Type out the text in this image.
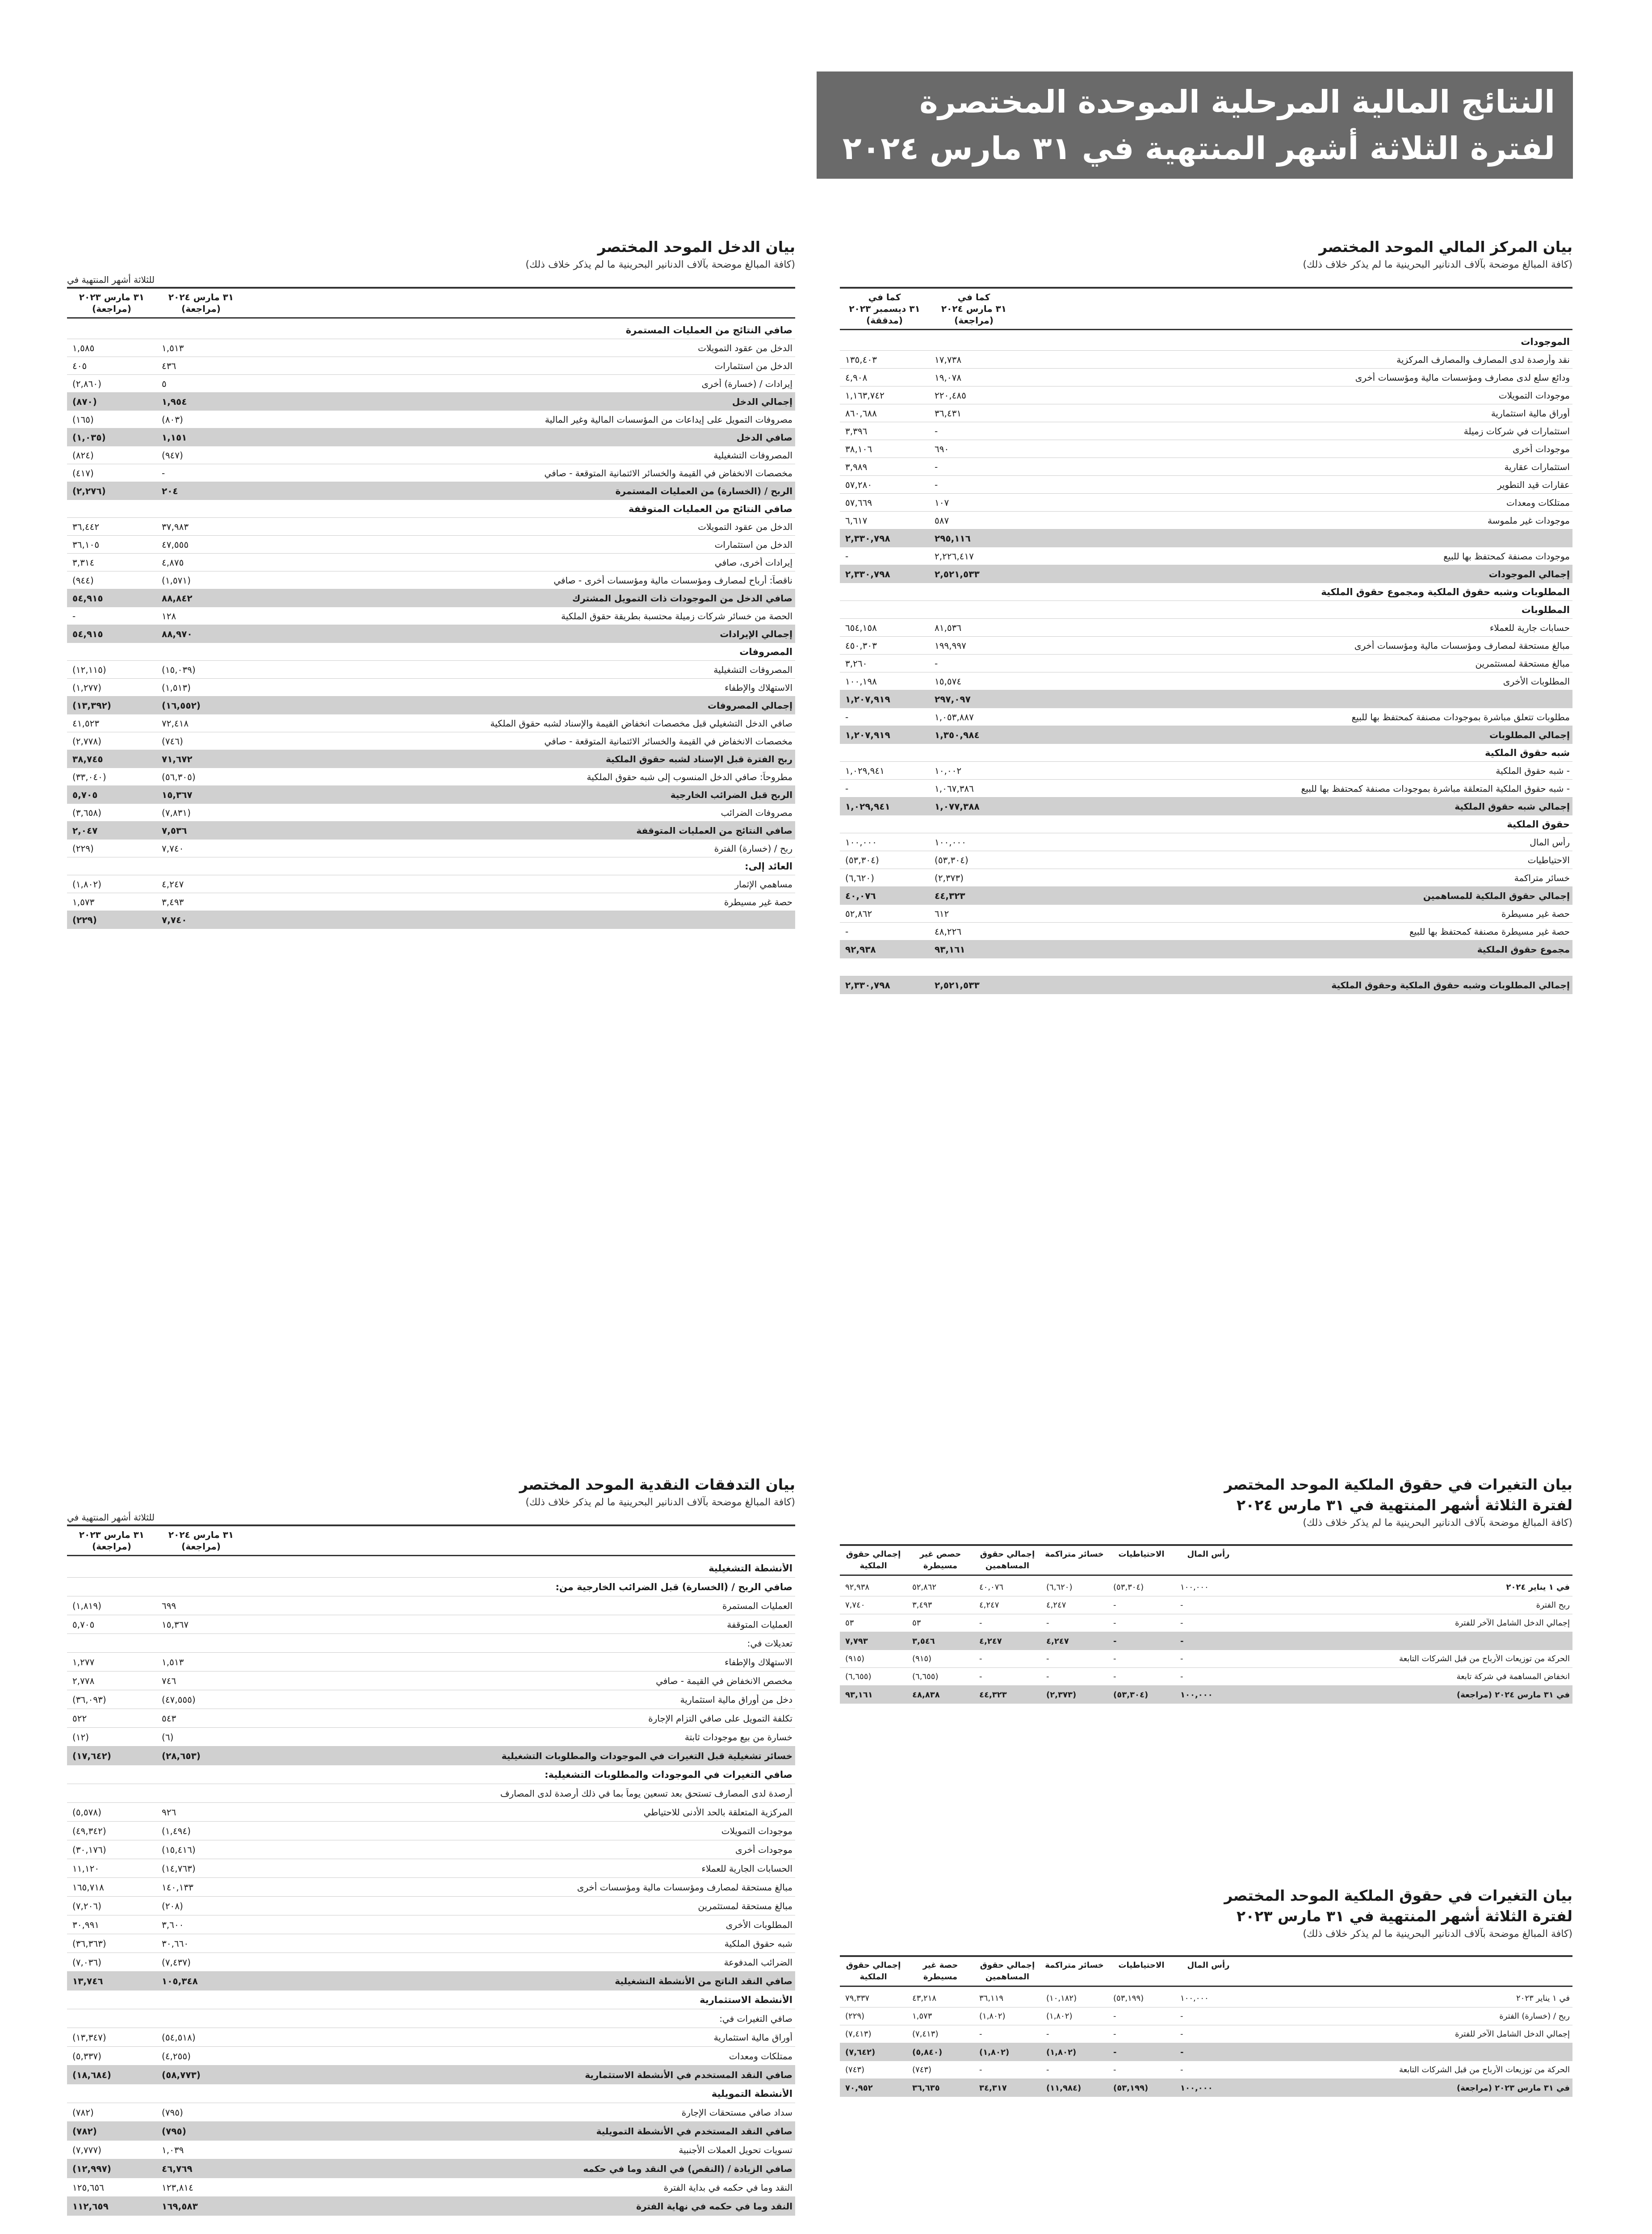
النتائج المالية المرحلية الموحدة المختصرة
لفترة الثلاثة أشهر المنتهية في ٣١ مارس ٢٠٢٤
بيان المركز المالي الموحد المختصر
(كافة المبالغ موضحة بآلاف الدنانير البحرينية ما لم يذكر خلاف ذلك)
كما في
٣١ مارس ٢٠٢٤
(مراجعة)
كما في
٣١ ديسمبر ٢٠٢٣
(مدققة)
الموجودات
نقد وأرصدة لدى المصارف والمصارف المركزية
١٧,٧٣٨
١٣٥,٤٠٣
ودائع سلع لدى مصارف ومؤسسات مالية ومؤسسات أخرى
١٩,٠٧٨
٤,٩٠٨
موجودات التمويلات
٢٢٠,٤٨٥
١,١٦٣,٧٤٢
أوراق مالية استثمارية
٣٦,٤٣١
٨٦٠,٦٨٨
استثمارات في شركات زميلة
-
٣,٣٩٦
موجودات أخرى
٦٩٠
٣٨,١٠٦
استثمارات عقارية
-
٣,٩٨٩
عقارات قيد التطوير
-
٥٧,٢٨٠
ممتلكات ومعدات
١٠٧
٥٧,٦٦٩
موجودات غير ملموسة
٥٨٧
٦,٦١٧
٢٩٥,١١٦
٢,٣٣٠,٧٩٨
موجودات مصنفة كمحتفظ بها للبيع
٢,٢٢٦,٤١٧
-
إجمالي الموجودات
٢,٥٢١,٥٣٣
٢,٣٣٠,٧٩٨
المطلوبات وشبه حقوق الملكية ومجموع حقوق الملكية
المطلوبات
حسابات جارية للعملاء
٨١,٥٣٦
٦٥٤,١٥٨
مبالغ مستحقة لمصارف ومؤسسات مالية ومؤسسات أخرى
١٩٩,٩٩٧
٤٥٠,٣٠٣
مبالغ مستحقة لمستثمرين
-
٣,٢٦٠
المطلوبات الأخرى
١٥,٥٧٤
١٠٠,١٩٨
٢٩٧,٠٩٧
١,٢٠٧,٩١٩
مطلوبات تتعلق مباشرة بموجودات مصنفة كمحتفظ بها للبيع
١,٠٥٣,٨٨٧
-
إجمالي المطلوبات
١,٣٥٠,٩٨٤
١,٢٠٧,٩١٩
شبه حقوق الملكية
- شبه حقوق الملكية
١٠,٠٠٢
١,٠٢٩,٩٤١
- شبه حقوق الملكية المتعلقة مباشرة بموجودات مصنفة كمحتفظ بها للبيع
١,٠٦٧,٣٨٦
-
إجمالي شبه حقوق الملكية
١,٠٧٧,٣٨٨
١,٠٢٩,٩٤١
حقوق الملكية
رأس المال
١٠٠,٠٠٠
١٠٠,٠٠٠
الاحتياطيات
(٥٣,٣٠٤)
(٥٣,٣٠٤)
خسائر متراكمة
(٢,٣٧٣)
(٦,٦٢٠)
إجمالي حقوق الملكية للمساهمين
٤٤,٣٢٣
٤٠,٠٧٦
حصة غير مسيطرة
٦١٢
٥٢,٨٦٢
حصة غير مسيطرة مصنفة كمحتفظ بها للبيع
٤٨,٢٢٦
-
مجموع حقوق الملكية
٩٣,١٦١
٩٢,٩٣٨
إجمالي المطلوبات وشبه حقوق الملكية وحقوق الملكية
٢,٥٢١,٥٣٣
٢,٣٣٠,٧٩٨
بيان الدخل الموحد المختصر
(كافة المبالغ موضحة بآلاف الدنانير البحرينية ما لم يذكر خلاف ذلك)
للثلاثة أشهر المنتهية في
٣١ مارس ٢٠٢٤
(مراجعة)
٣١ مارس ٢٠٢٣
(مراجعة)
صافي النتائج من العمليات المستمرة
الدخل من عقود التمويلات
١,٥١٣
١,٥٨٥
الدخل من استثمارات
٤٣٦
٤٠٥
إيرادات / (خسارة) أخرى
٥
(٢,٨٦٠)
إجمالي الدخل
١,٩٥٤
(٨٧٠)
مصروفات التمويل على إيداعات من المؤسسات المالية وغير المالية
(٨٠٣)
(١٦٥)
صافي الدخل
١,١٥١
(١,٠٣٥)
المصروفات التشغيلية
(٩٤٧)
(٨٢٤)
مخصصات الانخفاض في القيمة والخسائر الائتمانية المتوقعة - صافي
-
(٤١٧)
الربح / (الخسارة) من العمليات المستمرة
٢٠٤
(٢,٢٧٦)
صافي النتائج من العمليات المتوقفة
الدخل من عقود التمويلات
٣٧,٩٨٣
٣٦,٤٤٢
الدخل من استثمارات
٤٧,٥٥٥
٣٦,١٠٥
إيرادات أخرى، صافي
٤,٨٧٥
٣,٣١٤
ناقصاً: أرباح لمصارف ومؤسسات مالية ومؤسسات أخرى - صافي
(١,٥٧١)
(٩٤٤)
صافي الدخل من الموجودات ذات التمويل المشترك
٨٨,٨٤٢
٥٤,٩١٥
الحصة من خسائر شركات زميلة محتسبة بطريقة حقوق الملكية
١٢٨
-
إجمالي الإيرادات
٨٨,٩٧٠
٥٤,٩١٥
المصروفات
المصروفات التشغيلية
(١٥,٠٣٩)
(١٢,١١٥)
الاستهلاك والإطفاء
(١,٥١٣)
(١,٢٧٧)
إجمالي المصروفات
(١٦,٥٥٢)
(١٣,٣٩٢)
صافي الدخل التشغيلي قبل مخصصات انخفاض القيمة والإسناد لشبه حقوق الملكية
٧٢,٤١٨
٤١,٥٢٣
مخصصات الانخفاض في القيمة والخسائر الائتمانية المتوقعة - صافي
(٧٤٦)
(٢,٧٧٨)
ربح الفترة قبل الإسناد لشبه حقوق الملكية
٧١,٦٧٢
٣٨,٧٤٥
مطروحاً: صافي الدخل المنسوب إلى شبه حقوق الملكية
(٥٦,٣٠٥)
(٣٣,٠٤٠)
الربح قبل الضرائب الخارجية
١٥,٣٦٧
٥,٧٠٥
مصروفات الضرائب
(٧,٨٣١)
(٣,٦٥٨)
صافي النتائج من العمليات المتوقفة
٧,٥٣٦
٢,٠٤٧
ربح / (خسارة) الفترة
٧,٧٤٠
(٢٢٩)
العائد إلى:
مساهمي الإثمار
٤,٢٤٧
(١,٨٠٢)
حصة غير مسيطرة
٣,٤٩٣
١,٥٧٣
٧,٧٤٠
(٢٢٩)
بيان التغيرات في حقوق الملكية الموحد المختصر
لفترة الثلاثة أشهر المنتهية في ٣١ مارس ٢٠٢٤
(كافة المبالغ موضحة بآلاف الدنانير البحرينية ما لم يذكر خلاف ذلك)
رأس المال
الاحتياطيات
خسائر متراكمة
إجمالي حقوق المساهمين
حصص غير مسيطرة
إجمالي حقوق الملكية
في ١ يناير ٢٠٢٤
١٠٠,٠٠٠
(٥٣,٣٠٤)
(٦,٦٢٠)
٤٠,٠٧٦
٥٢,٨٦٢
٩٢,٩٣٨
ربح الفترة
-
-
٤,٢٤٧
٤,٢٤٧
٣,٤٩٣
٧,٧٤٠
إجمالي الدخل الشامل الآخر للفترة
-
-
-
-
٥٣
٥٣
-
-
٤,٢٤٧
٤,٢٤٧
٣,٥٤٦
٧,٧٩٣
الحركة من توزيعات الأرباح من قبل الشركات التابعة
-
-
-
-
(٩١٥)
(٩١٥)
انخفاض المساهمة في شركة تابعة
-
-
-
-
(٦,٦٥٥)
(٦,٦٥٥)
في ٣١ مارس ٢٠٢٤ (مراجعة)
١٠٠,٠٠٠
(٥٣,٣٠٤)
(٢,٣٧٣)
٤٤,٣٢٣
٤٨,٨٣٨
٩٣,١٦١
بيان التغيرات في حقوق الملكية الموحد المختصر
لفترة الثلاثة أشهر المنتهية في ٣١ مارس ٢٠٢٣
(كافة المبالغ موضحة بآلاف الدنانير البحرينية ما لم يذكر خلاف ذلك)
رأس المال
الاحتياطيات
خسائر متراكمة
إجمالي حقوق المساهمين
حصة غير مسيطرة
إجمالي حقوق الملكية
في ١ يناير ٢٠٢٣
١٠٠,٠٠٠
(٥٣,١٩٩)
(١٠,١٨٢)
٣٦,١١٩
٤٣,٢١٨
٧٩,٣٣٧
ربح / (خسارة) الفترة
-
-
(١,٨٠٢)
(١,٨٠٢)
١,٥٧٣
(٢٢٩)
إجمالي الدخل الشامل الآخر للفترة
-
-
-
-
(٧,٤١٣)
(٧,٤١٣)
-
-
(١,٨٠٢)
(١,٨٠٢)
(٥,٨٤٠)
(٧,٦٤٢)
الحركة من توزيعات الأرباح من قبل الشركات التابعة
-
-
-
-
(٧٤٣)
(٧٤٣)
في ٣١ مارس ٢٠٢٣ (مراجعة)
١٠٠,٠٠٠
(٥٣,١٩٩)
(١١,٩٨٤)
٣٤,٣١٧
٣٦,٦٣٥
٧٠,٩٥٢
بيان التدفقات النقدية الموحد المختصر
(كافة المبالغ موضحة بآلاف الدنانير البحرينية ما لم يذكر خلاف ذلك)
للثلاثة أشهر المنتهية في
٣١ مارس ٢٠٢٤
(مراجعة)
٣١ مارس ٢٠٢٣
(مراجعة)
الأنشطة التشغيلية
صافي الربح / (الخسارة) قبل الضرائب الخارجية من:
العمليات المستمرة
٦٩٩
(١,٨١٩)
العمليات المتوقفة
١٥,٣٦٧
٥,٧٠٥
تعديلات في:
الاستهلاك والإطفاء
١,٥١٣
١,٢٧٧
مخصص الانخفاض في القيمة - صافي
٧٤٦
٢,٧٧٨
دخل من أوراق مالية استثمارية
(٤٧,٥٥٥)
(٣٦,٠٩٣)
تكلفة التمويل على صافي التزام الإجارة
٥٤٣
٥٢٢
خسارة من بيع موجودات ثابتة
(٦)
(١٢)
خسائر تشغيلية قبل التغيرات في الموجودات والمطلوبات التشغيلية
(٢٨,٦٥٣)
(١٧,٦٤٢)
صافي التغيرات في الموجودات والمطلوبات التشغيلية:
أرصدة لدى المصارف تستحق بعد تسعين يوماً بما في ذلك أرصدة لدى المصارف
المركزية المتعلقة بالحد الأدنى للاحتياطي
٩٢٦
(٥,٥٧٨)
موجودات التمويلات
(١,٤٩٤)
(٤٩,٣٤٢)
موجودات أخرى
(١٥,٤١٦)
(٣٠,١٧٦)
الحسابات الجارية للعملاء
(١٤,٧٦٣)
١١,١٢٠
مبالغ مستحقة لمصارف ومؤسسات مالية ومؤسسات أخرى
١٤٠,١٣٣
١٦٥,٧١٨
مبالغ مستحقة لمستثمرين
(٢٠٨)
(٧,٢٠٦)
المطلوبات الأخرى
٣,٦٠٠
٣٠,٩٩١
شبه حقوق الملكية
٣٠,٦٦٠
(٣٦,٣٦٣)
الضرائب المدفوعة
(٧,٤٣٧)
(٧,٠٣٦)
صافي النقد الناتج من الأنشطة التشغيلية
١٠٥,٣٤٨
١٣,٧٤٦
الأنشطة الاستثمارية
صافي التغيرات في:
أوراق مالية استثمارية
(٥٤,٥١٨)
(١٣,٣٤٧)
ممتلكات ومعدات
(٤,٢٥٥)
(٥,٣٣٧)
صافي النقد المستخدم في الأنشطة الاستثمارية
(٥٨,٧٧٣)
(١٨,٦٨٤)
الأنشطة التمويلية
سداد صافي مستحقات الإجارة
(٧٩٥)
(٧٨٢)
صافي النقد المستخدم في الأنشطة التمويلية
(٧٩٥)
(٧٨٢)
تسويات تحويل العملات الأجنبية
١,٠٣٩
(٧,٧٧٧)
صافي الزيادة / (النقص) في النقد وما في حكمه
٤٦,٧٦٩
(١٢,٩٩٧)
النقد وما في حكمه في بداية الفترة
١٢٣,٨١٤
١٢٥,٦٥٦
النقد وما في حكمه في نهاية الفترة
١٦٩,٥٨٣
١١٢,٦٥٩
